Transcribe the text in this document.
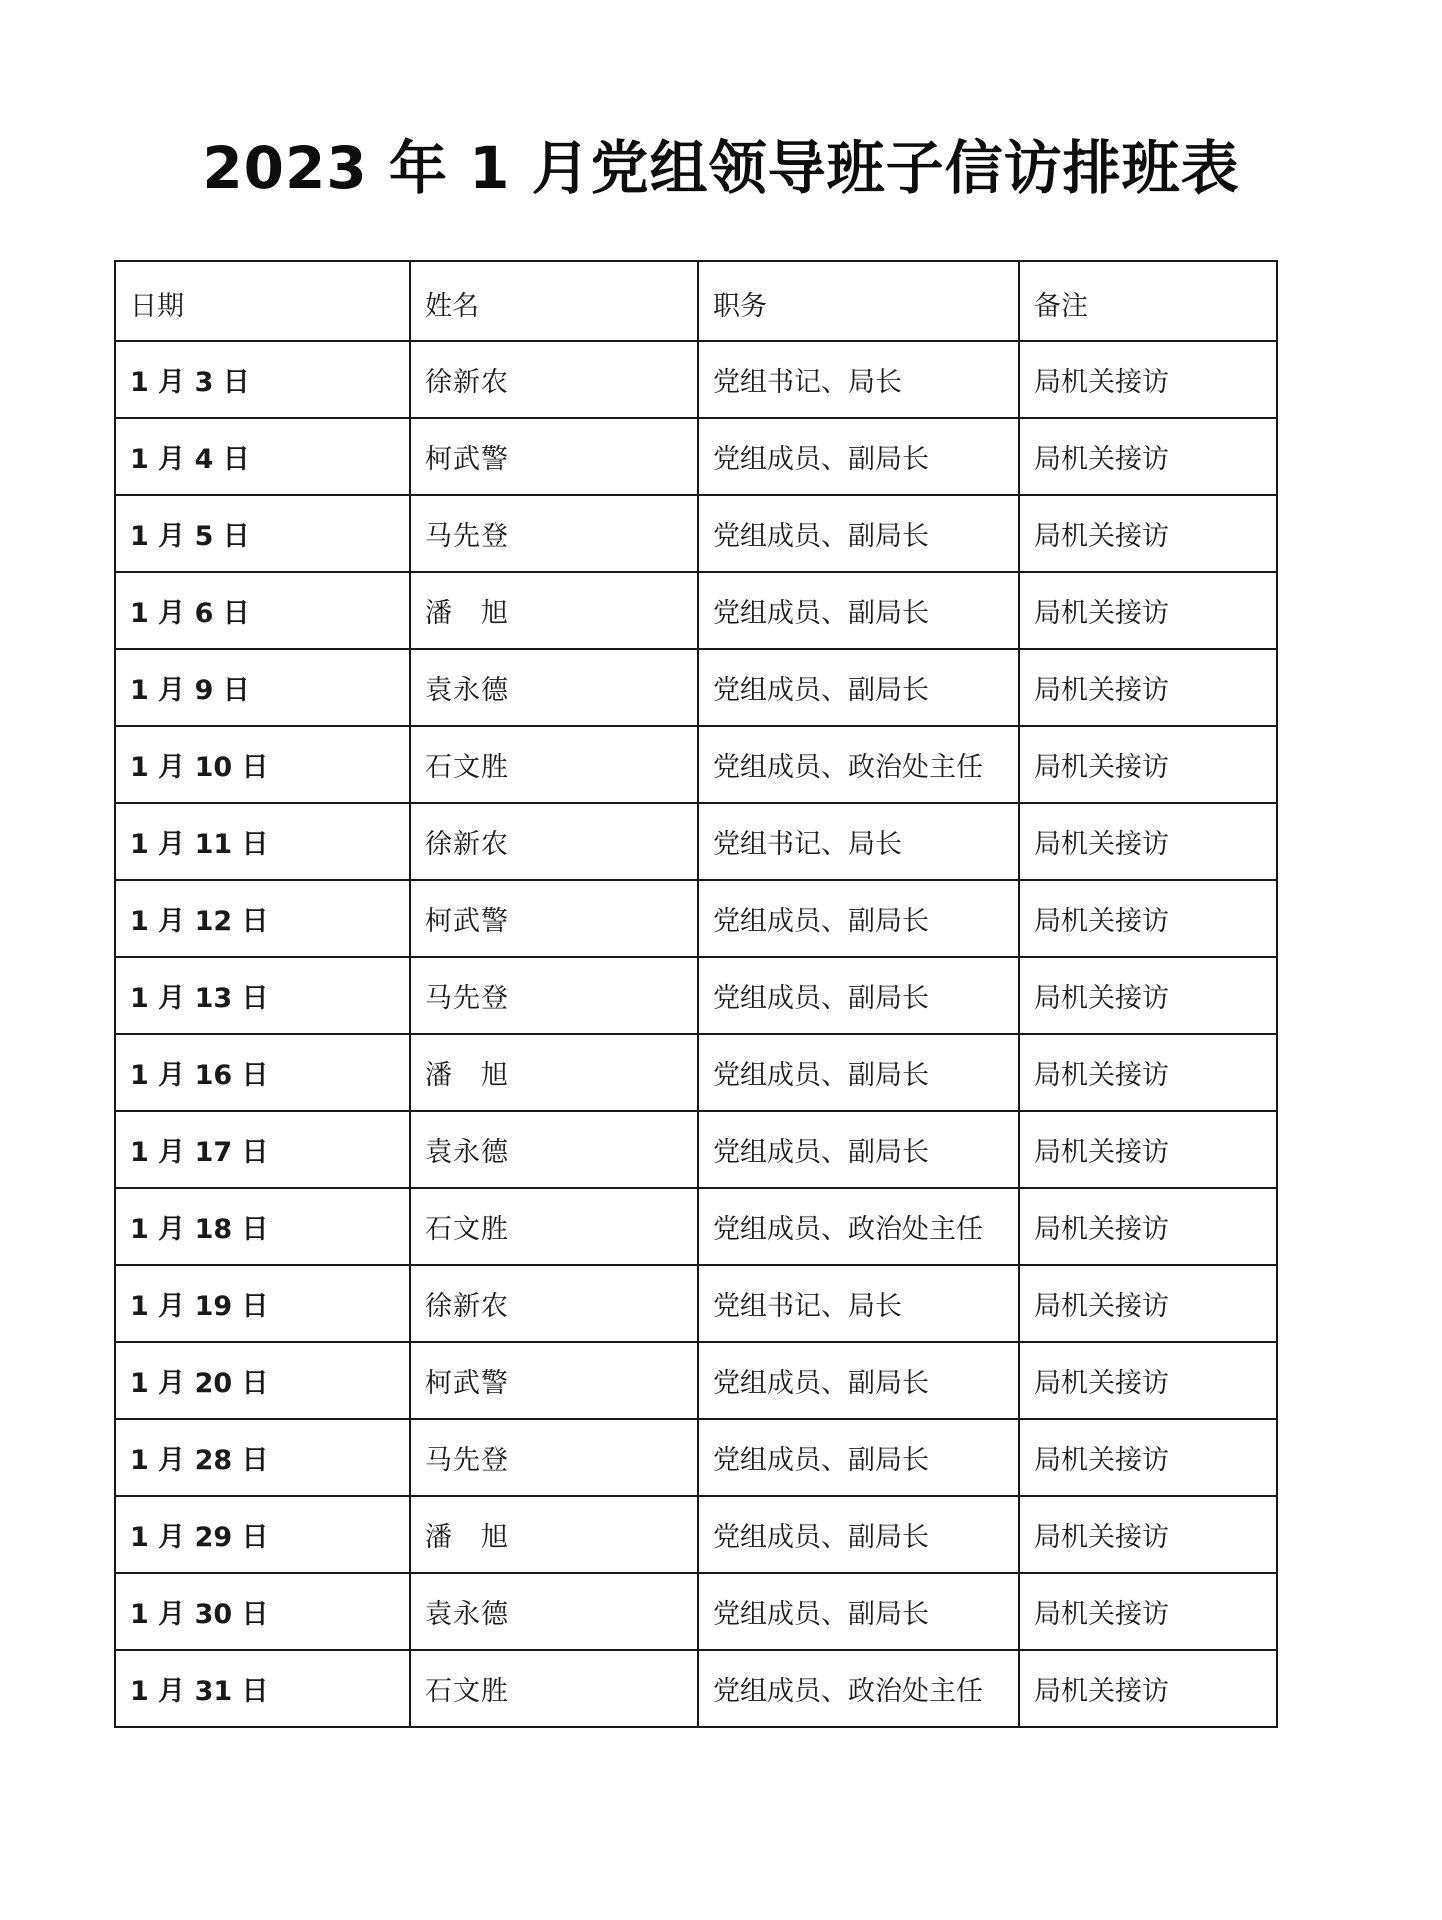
2023 年 1 月党组领导班子信访排班表
日期	姓名	职务	备注
1 月 3 日	徐新农	党组书记、局长	局机关接访
1 月 4 日	柯武警	党组成员、副局长	局机关接访
1 月 5 日	马先登	党组成员、副局长	局机关接访
1 月 6 日	潘　旭	党组成员、副局长	局机关接访
1 月 9 日	袁永德	党组成员、副局长	局机关接访
1 月 10 日	石文胜	党组成员、政治处主任	局机关接访
1 月 11 日	徐新农	党组书记、局长	局机关接访
1 月 12 日	柯武警	党组成员、副局长	局机关接访
1 月 13 日	马先登	党组成员、副局长	局机关接访
1 月 16 日	潘　旭	党组成员、副局长	局机关接访
1 月 17 日	袁永德	党组成员、副局长	局机关接访
1 月 18 日	石文胜	党组成员、政治处主任	局机关接访
1 月 19 日	徐新农	党组书记、局长	局机关接访
1 月 20 日	柯武警	党组成员、副局长	局机关接访
1 月 28 日	马先登	党组成员、副局长	局机关接访
1 月 29 日	潘　旭	党组成员、副局长	局机关接访
1 月 30 日	袁永德	党组成员、副局长	局机关接访
1 月 31 日	石文胜	党组成员、政治处主任	局机关接访
